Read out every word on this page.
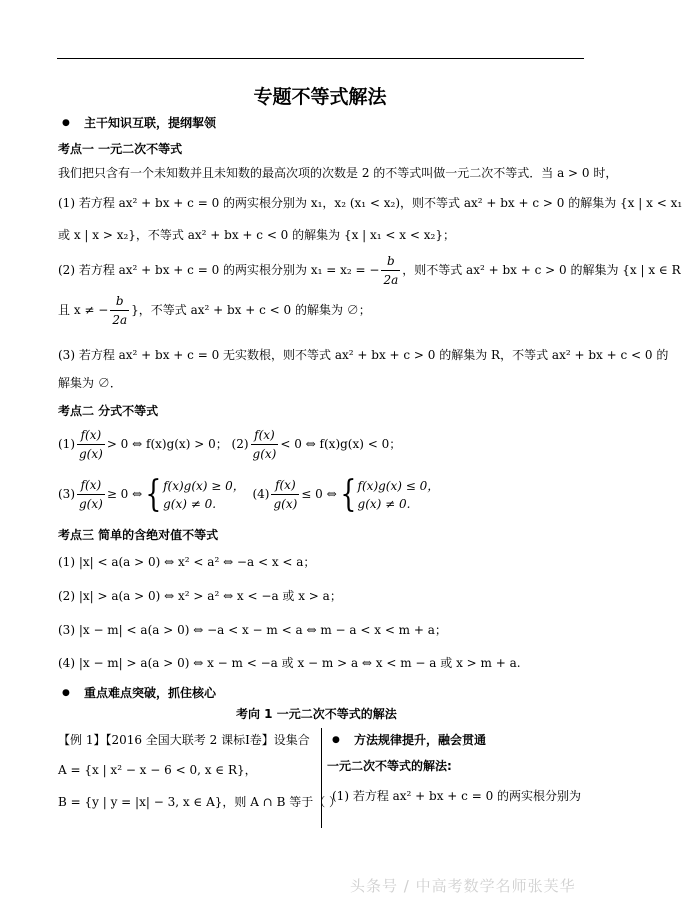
专题不等式解法
● 主干知识互联，提纲挈领
考点一 一元二次不等式
我们把只含有一个未知数并且未知数的最高次项的次数是 2 的不等式叫做一元二次不等式．当 a > 0 时，
(1) 若方程 ax² + bx + c = 0 的两实根分别为 x₁，x₂ (x₁ < x₂)，则不等式 ax² + bx + c > 0 的解集为 {x | x < x₁
或 x | x > x₂}，不等式 ax² + bx + c < 0 的解集为 {x | x₁ < x < x₂}；
(2) 若方程 ax² + bx + c = 0 的两实根分别为 x₁ = x₂ = − $\frac{b}{2a}$ ，则不等式 ax² + bx + c > 0 的解集为 {x | x ∈ R
且 x ≠ − $\frac{b}{2a}$ }，不等式 ax² + bx + c < 0 的解集为 ∅；
(3) 若方程 ax² + bx + c = 0 无实数根，则不等式 ax² + bx + c > 0 的解集为 R，不等式 ax² + bx + c < 0 的
解集为 ∅．
考点二 分式不等式
$(1) \frac{f(x)}{g(x)} > 0$ ⇔ f(x)g(x) > 0； $(2) \frac{f(x)}{g(x)} < 0$ ⇔ f(x)g(x) < 0；
$(3) \frac{f(x)}{g(x)} \ge 0$ ⇔ { f(x)g(x) ≥ 0，
g(x) ≠ 0.
$(4) \frac{f(x)}{g(x)} \le 0$ ⇔ { f(x)g(x) ≤ 0，
g(x) ≠ 0.
考点三 简单的含绝对值不等式
(1) |x| < a(a > 0) ⇔ x² < a² ⇔ −a < x < a；
(2) |x| > a(a > 0) ⇔ x² > a² ⇔ x < −a 或 x > a；
(3) |x − m| < a(a > 0) ⇔ −a < x − m < a ⇔ m − a < x < m + a；
(4) |x − m| > a(a > 0) ⇔ x − m < −a 或 x − m > a ⇔ x < m − a 或 x > m + a.
● 重点难点突破，抓住核心
考向 1 一元二次不等式的解法
【例 1】【2016 全国大联考 2 课标Ⅰ卷】设集合
A = {x | x² − x − 6 < 0, x ∈ R}，
B = {y | y = |x| − 3, x ∈ A}，则 A ∩ B 等于（ ）
● 方法规律提升，融会贯通
一元二次不等式的解法:
(1) 若方程 ax² + bx + c = 0 的两实根分别为
头条号 / 中高考数学名师张芙华
